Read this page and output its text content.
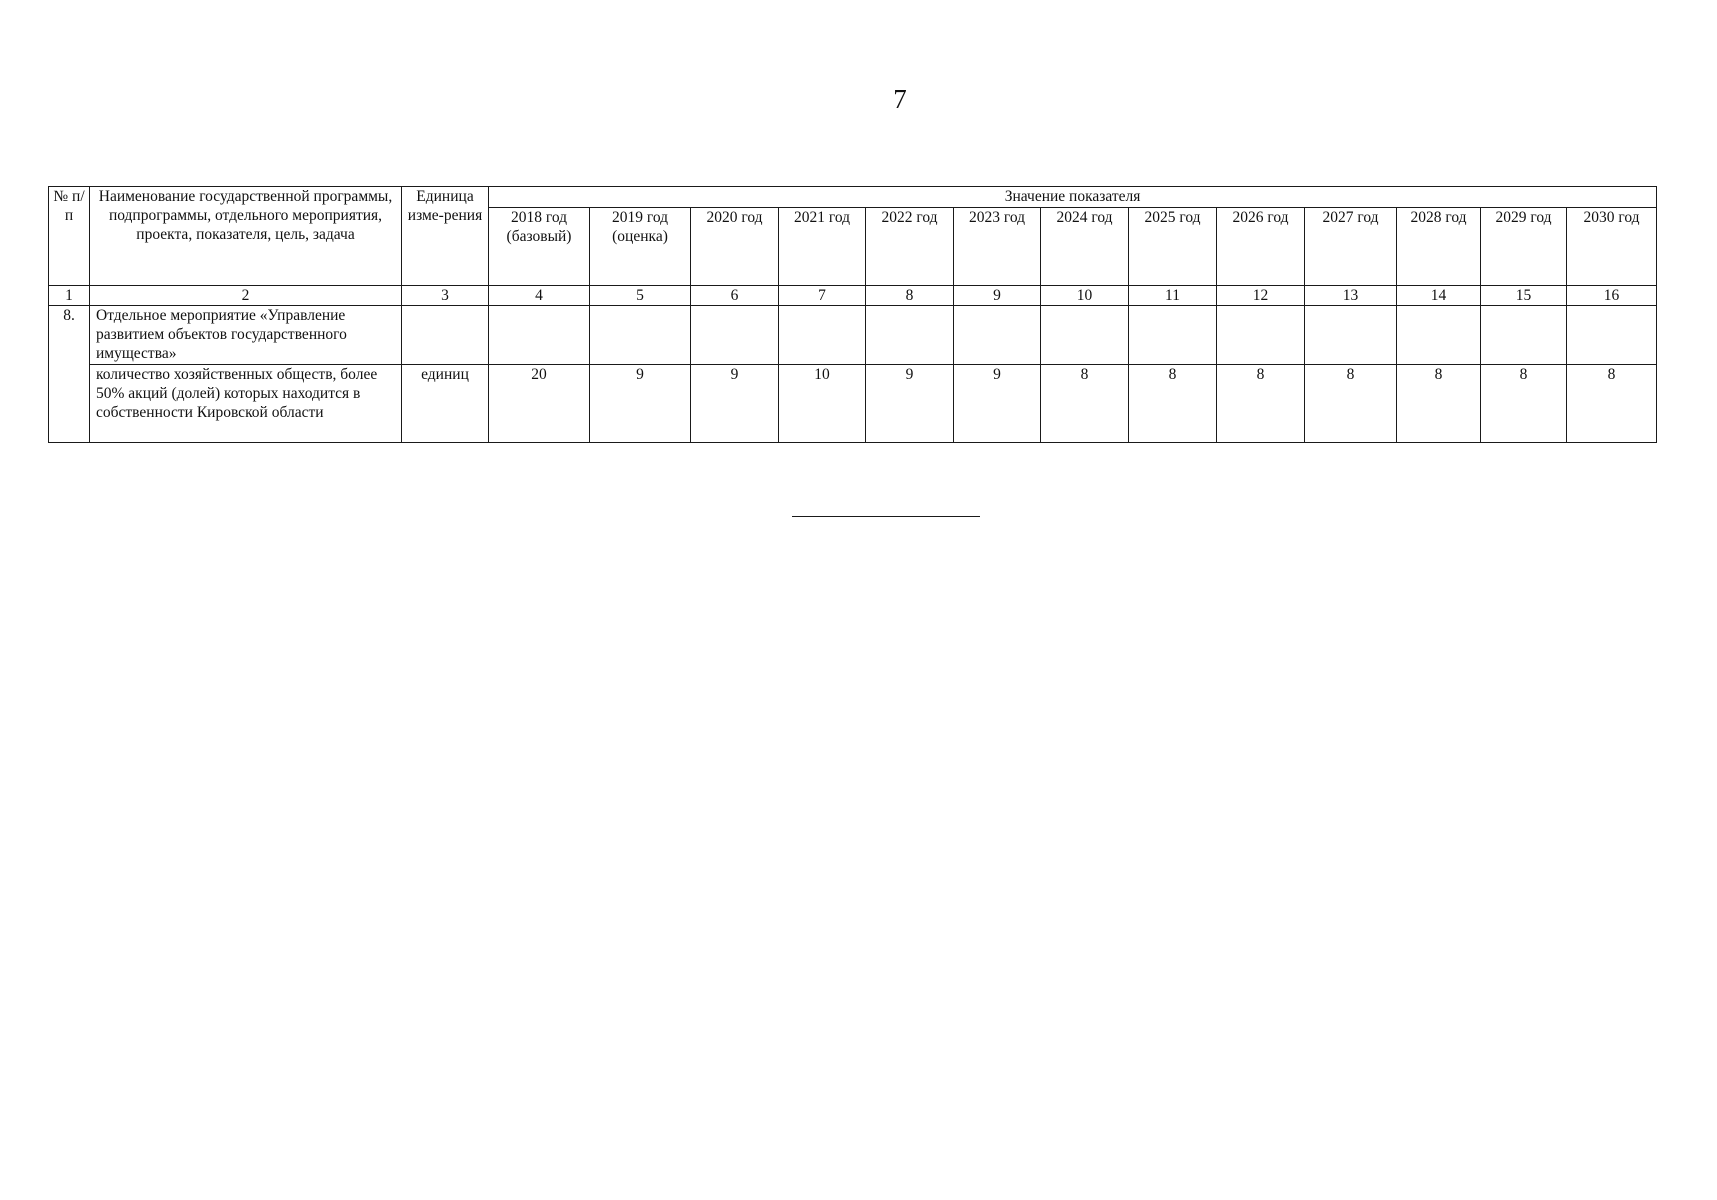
7
№ п/п	Наименование государственной программы, подпрограммы, отдельного мероприятия, проекта, показателя, цель, задача	Единица изме-рения	Значение показателя												
			2018 год (базовый)	2019 год (оценка)	2020 год	2021 год	2022 год	2023 год	2024 год	2025 год	2026 год	2027 год	2028 год	2029 год	2030 год
1	2	3	4	5	6	7	8	9	10	11	12	13	14	15	16
8.	Отдельное мероприятие «Управление развитием объектов государственного имущества»														
	количество хозяйственных обществ, более 50% акций (долей) которых находится в собственности Кировской области	единиц	20	9	9	10	9	9	8	8	8	8	8	8	8
